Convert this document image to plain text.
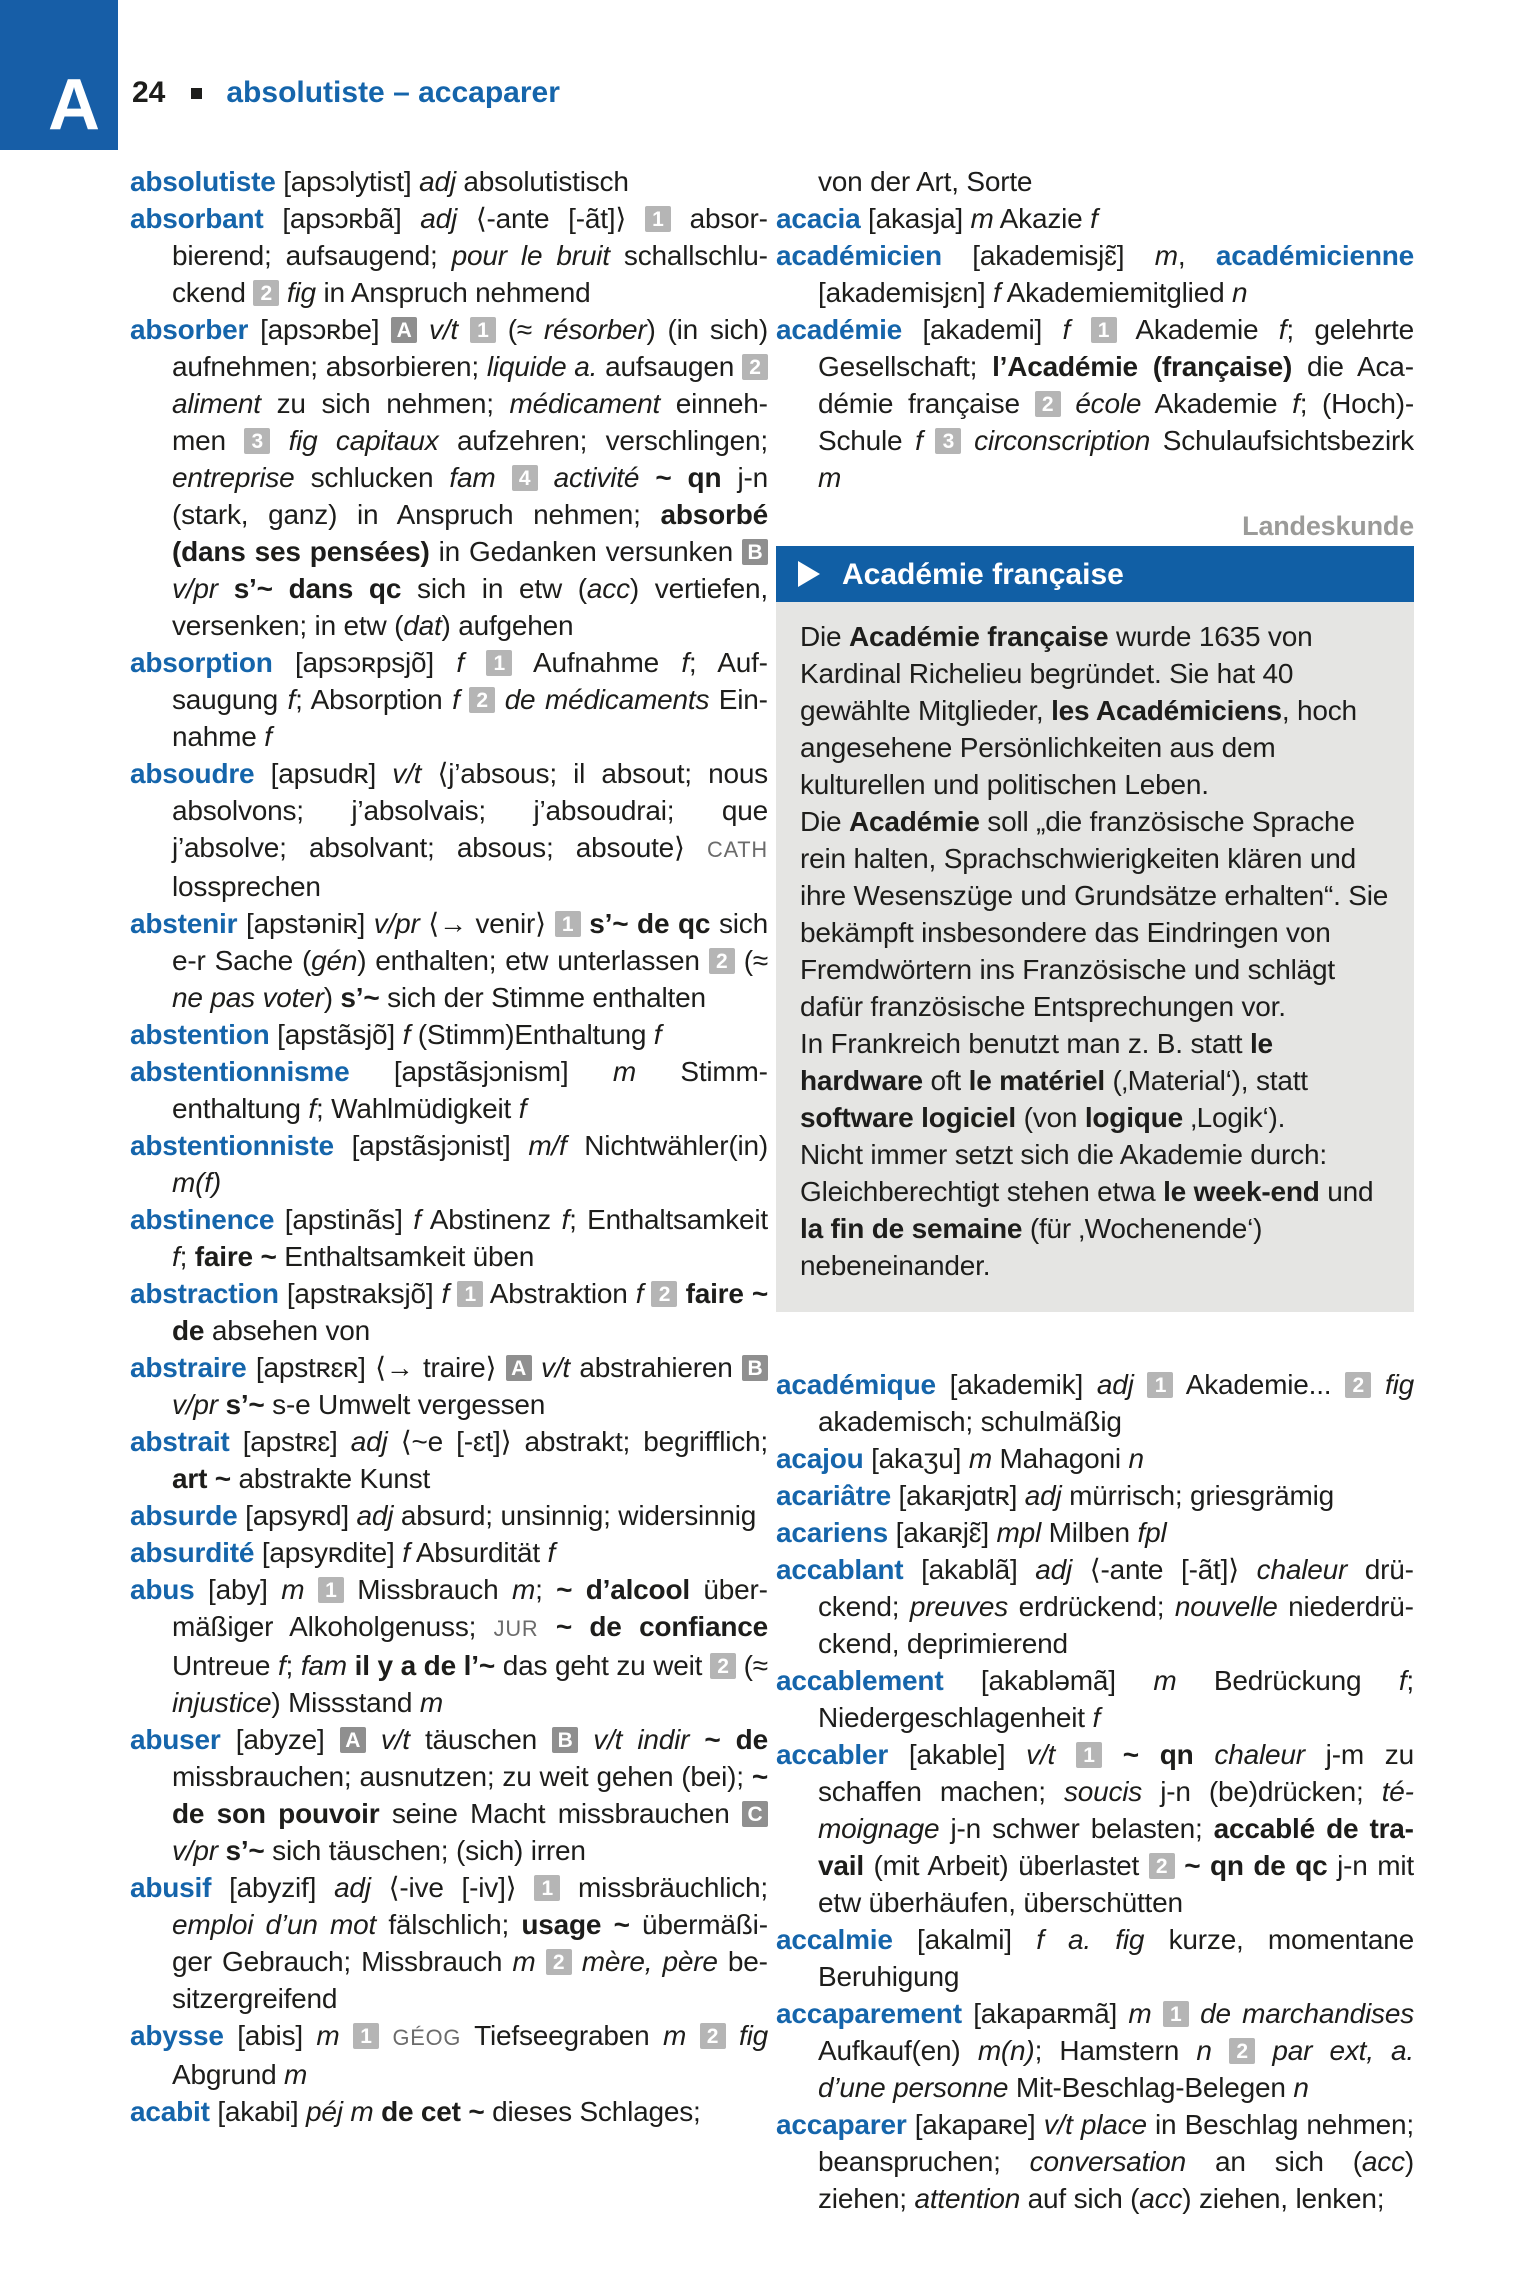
A 24 absolutiste – accaparer

absolutiste [apsɔlytist] adj absolutistisch

absorbant [apsɔʀbã] adj ⟨-ante [-ãt]⟩ 1 absorbierend; aufsaugend; pour le bruit schallschluckend 2 fig in Anspruch nehmend

absorber [apsɔʀbe] A v/t 1 (≈ résorber) (in sich) aufnehmen; absorbieren; liquide a. aufsaugen 2 aliment zu sich nehmen; médicament einnehmen 3 fig capitaux aufzehren; verschlingen; entreprise schlucken fam 4 activité ~ qn j-n (stark, ganz) in Anspruch nehmen; absorbé (dans ses pensées) in Gedanken versunken B v/pr s’~ dans qc sich in etw (acc) vertiefen, versenken; in etw (dat) aufgehen

absorption [apsɔʀpsjõ] f 1 Aufnahme f; Aufsaugung f; Absorption f 2 de médicaments Einnahme f

absoudre [apsudʀ] v/t ⟨j’absous; il absout; nous absolvons; j’absolvais; j’absoudrai; que j’absolve; absolvant; absous; absoute⟩ CATH lossprechen

abstenir [apstəniʀ] v/pr ⟨→ venir⟩ 1 s’~ de qc sich e-r Sache (gén) enthalten; etw unterlassen 2 (≈ ne pas voter) s’~ sich der Stimme enthalten

abstention [apstãsjõ] f (Stimm)Enthaltung f

abstentionnisme [apstãsjɔnism] m Stimmenthaltung f; Wahlmüdigkeit f

abstentionniste [apstãsjɔnist] m/f Nichtwähler(in) m(f)

abstinence [apstinãs] f Abstinenz f; Enthaltsamkeit f; faire ~ Enthaltsamkeit üben

abstraction [apstʀaksjõ] f 1 Abstraktion f 2 faire ~ de absehen von

abstraire [apstʀɛʀ] ⟨→ traire⟩ A v/t abstrahieren B v/pr s’~ s-e Umwelt vergessen

abstrait [apstʀɛ] adj ⟨~e [-ɛt]⟩ abstrakt; begrifflich; art ~ abstrakte Kunst

absurde [apsyʀd] adj absurd; unsinnig; widersinnig

absurdité [apsyʀdite] f Absurdität f

abus [aby] m 1 Missbrauch m; ~ d’alcool übermäßiger Alkoholgenuss; JUR ~ de confiance Untreue f; fam il y a de l’~ das geht zu weit 2 (≈ injustice) Missstand m

abuser [abyze] A v/t täuschen B v/t indir ~ de missbrauchen; ausnutzen; zu weit gehen (bei); ~ de son pouvoir seine Macht missbrauchen C v/pr s’~ sich täuschen; (sich) irren

abusif [abyzif] adj ⟨-ive [-iv]⟩ 1 missbräuchlich; emploi d’un mot fälschlich; usage ~ übermäßiger Gebrauch; Missbrauch m 2 mère, père besitzergreifend

abysse [abis] m 1 GÉOG Tiefseegraben m 2 fig Abgrund m

acabit [akabi] péj m de cet ~ dieses Schlages;

von der Art, Sorte

acacia [akasja] m Akazie f

académicien [akademisjɛ̃] m, académicienne [akademisjɛn] f Akademiemitglied n

académie [akademi] f 1 Akademie f; gelehrte Gesellschaft; l’Académie (française) die Académie française 2 école Akademie f; (Hoch)-Schule f 3 circonscription Schulaufsichtsbezirk m

Landeskunde
Académie française

Die Académie française wurde 1635 von Kardinal Richelieu begründet. Sie hat 40 gewählte Mitglieder, les Académiciens, hoch angesehene Persönlichkeiten aus dem kulturellen und politischen Leben.

Die Académie soll „die französische Sprache rein halten, Sprachschwierigkeiten klären und ihre Wesenszüge und Grundsätze erhalten“. Sie bekämpft insbesondere das Eindringen von Fremdwörtern ins Französische und schlägt dafür französische Entsprechungen vor.

In Frankreich benutzt man z. B. statt le hardware oft le matériel (‚Material‘), statt software logiciel (von logique ‚Logik‘).

Nicht immer setzt sich die Akademie durch: Gleichberechtigt stehen etwa le week-end und la fin de semaine (für ‚Wochenende‘) nebeneinander.

académique [akademik] adj 1 Akademie... 2 fig akademisch; schulmäßig

acajou [akaʒu] m Mahagoni n

acariâtre [akaʀjɑtʀ] adj mürrisch; griesgrämig

acariens [akaʀjɛ̃] mpl Milben fpl

accablant [akablã] adj ⟨-ante [-ãt]⟩ chaleur drückend; preuves erdrückend; nouvelle niederdrückend, deprimierend

accablement [akabləmã] m Bedrückung f; Niedergeschlagenheit f

accabler [akable] v/t 1 ~ qn chaleur j-m zu schaffen machen; soucis j-n (be)drücken; témoignage j-n schwer belasten; accablé de travail (mit Arbeit) überlastet 2 ~ qn de qc j-n mit etw überhäufen, überschütten

accalmie [akalmi] f a. fig kurze, momentane Beruhigung

accaparement [akapaʀmã] m 1 de marchandises Aufkauf(en) m(n); Hamstern n 2 par ext, a. d’une personne Mit-Beschlag-Belegen n

accaparer [akapaʀe] v/t place in Beschlag nehmen; beanspruchen; conversation an sich (acc) ziehen; attention auf sich (acc) ziehen, lenken;
